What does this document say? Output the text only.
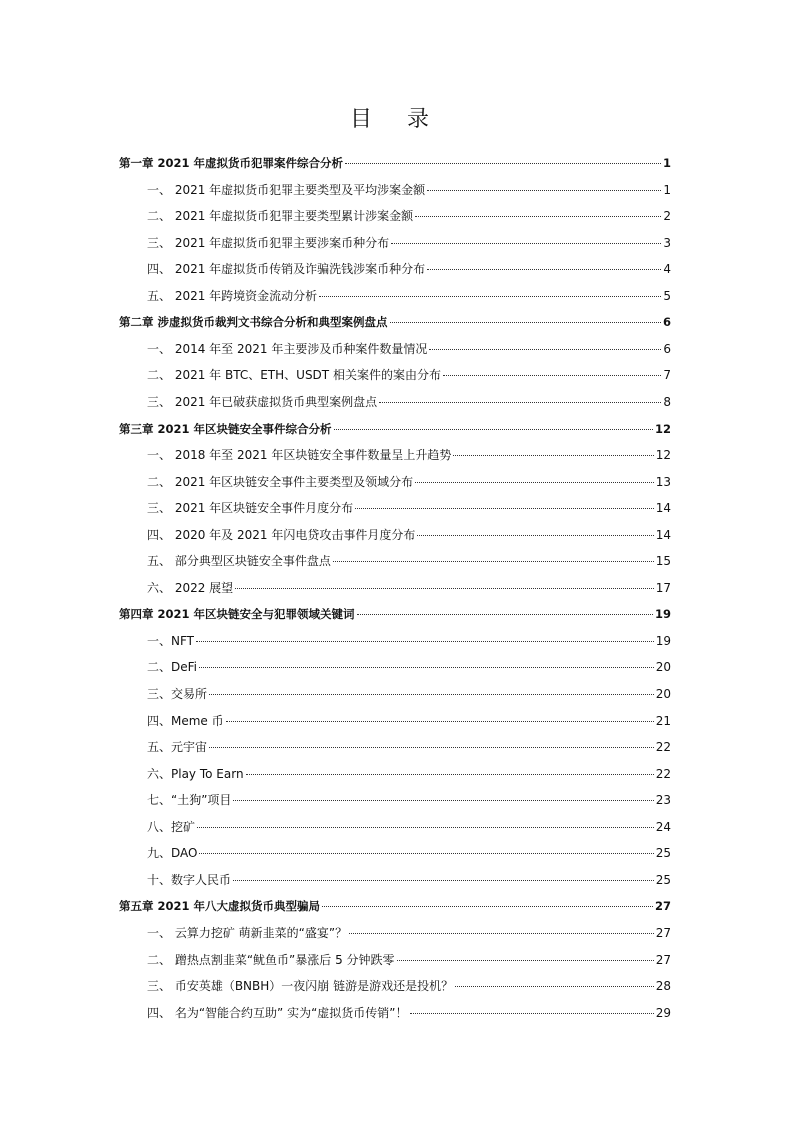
目 录
第一章 2021 年虚拟货币犯罪案件综合分析	1
一、 2021 年虚拟货币犯罪主要类型及平均涉案金额	1
二、 2021 年虚拟货币犯罪主要类型累计涉案金额	2
三、 2021 年虚拟货币犯罪主要涉案币种分布	3
四、 2021 年虚拟货币传销及诈骗洗钱涉案币种分布	4
五、 2021 年跨境资金流动分析	5
第二章 涉虚拟货币裁判文书综合分析和典型案例盘点	6
一、 2014 年至 2021 年主要涉及币种案件数量情况	6
二、 2021 年 BTC、ETH、USDT 相关案件的案由分布	7
三、 2021 年已破获虚拟货币典型案例盘点	8
第三章 2021 年区块链安全事件综合分析	12
一、 2018 年至 2021 年区块链安全事件数量呈上升趋势	12
二、 2021 年区块链安全事件主要类型及领域分布	13
三、 2021 年区块链安全事件月度分布	14
四、 2020 年及 2021 年闪电贷攻击事件月度分布	14
五、 部分典型区块链安全事件盘点	15
六、 2022 展望	17
第四章 2021 年区块链安全与犯罪领域关键词	19
一、NFT	19
二、DeFi	20
三、交易所	20
四、Meme 币	21
五、元宇宙	22
六、Play To Earn	22
七、“土狗”项目	23
八、挖矿	24
九、DAO	25
十、数字人民币	25
第五章 2021 年八大虚拟货币典型骗局	27
一、 云算力挖矿 萌新韭菜的“盛宴”？	27
二、 蹭热点割韭菜“鱿鱼币”暴涨后 5 分钟跌零	27
三、 币安英雄（BNBH）一夜闪崩 链游是游戏还是投机？	28
四、 名为“智能合约互助” 实为“虚拟货币传销”！	29
